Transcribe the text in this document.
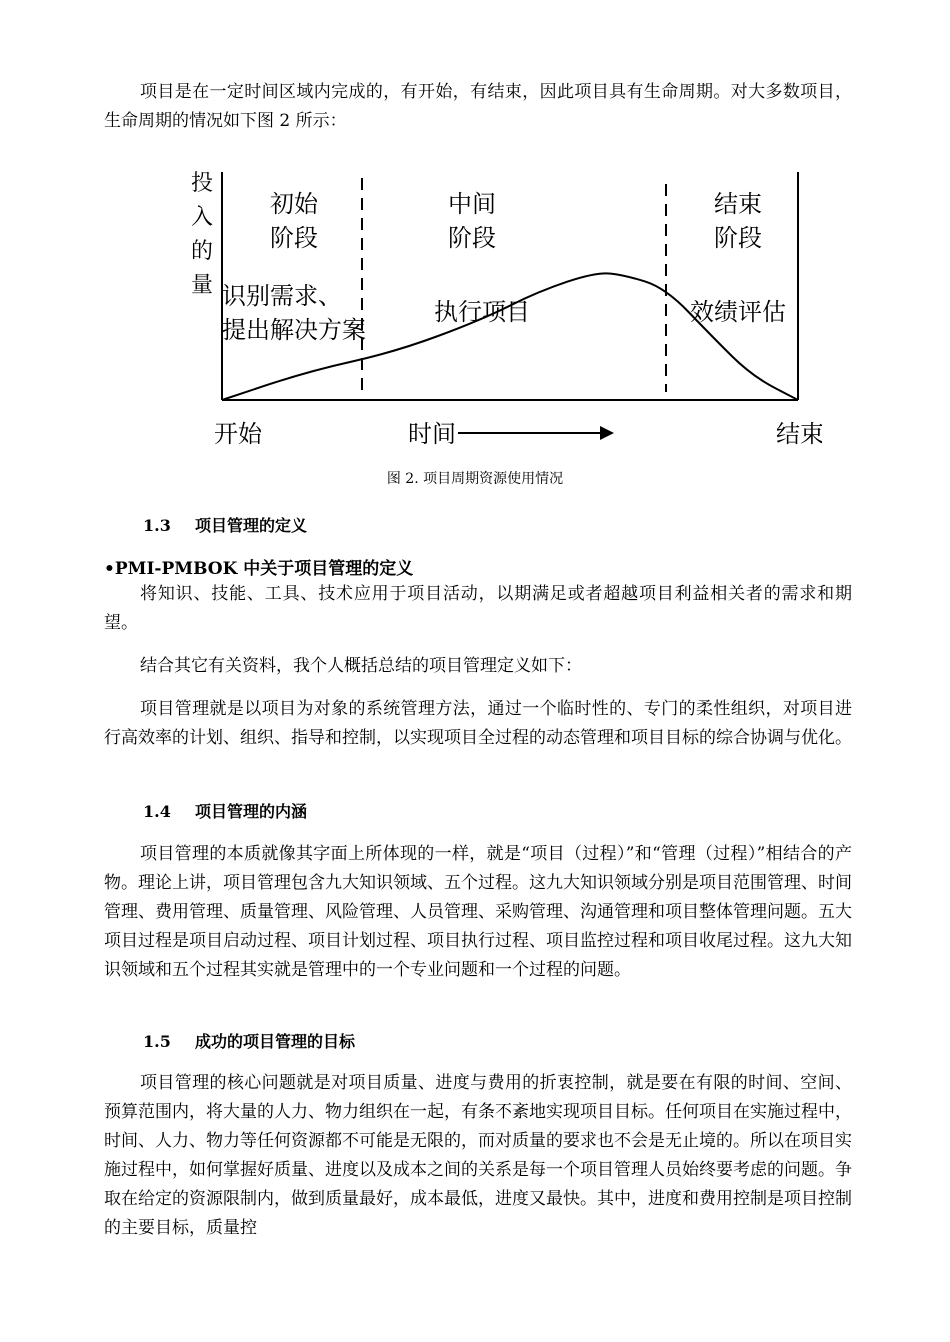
项目是在一定时间区域内完成的，有开始，有结束，因此项目具有生命周期。对大多数项目，生命周期的情况如下图 2 所示：

投
入
的
量
初始
阶段
中间
阶段
结束
阶段
识别需求、
提出解决方案
执行项目	效绩评估
开始	时间	结束
图 2. 项目周期资源使用情况

1.3 项目管理的定义

•PMI-PMBOK 中关于项目管理的定义

将知识、技能、工具、技术应用于项目活动，以期满足或者超越项目利益相关者的需求和期望。

结合其它有关资料，我个人概括总结的项目管理定义如下：

项目管理就是以项目为对象的系统管理方法，通过一个临时性的、专门的柔性组织，对项目进行高效率的计划、组织、指导和控制，以实现项目全过程的动态管理和项目目标的综合协调与优化。

1.4 项目管理的内涵

项目管理的本质就像其字面上所体现的一样，就是“项目（过程）”和“管理（过程）”相结合的产物。理论上讲，项目管理包含九大知识领域、五个过程。这九大知识领域分别是项目范围管理、时间管理、费用管理、质量管理、风险管理、人员管理、采购管理、沟通管理和项目整体管理问题。五大项目过程是项目启动过程、项目计划过程、项目执行过程、项目监控过程和项目收尾过程。这九大知识领域和五个过程其实就是管理中的一个专业问题和一个过程的问题。

1.5 成功的项目管理的目标

项目管理的核心问题就是对项目质量、进度与费用的折衷控制，就是要在有限的时间、空间、预算范围内，将大量的人力、物力组织在一起，有条不紊地实现项目目标。任何项目在实施过程中，时间、人力、物力等任何资源都不可能是无限的，而对质量的要求也不会是无止境的。所以在项目实施过程中，如何掌握好质量、进度以及成本之间的关系是每一个项目管理人员始终要考虑的问题。争取在给定的资源限制内，做到质量最好，成本最低，进度又最快。其中，进度和费用控制是项目控制的主要目标，质量控
